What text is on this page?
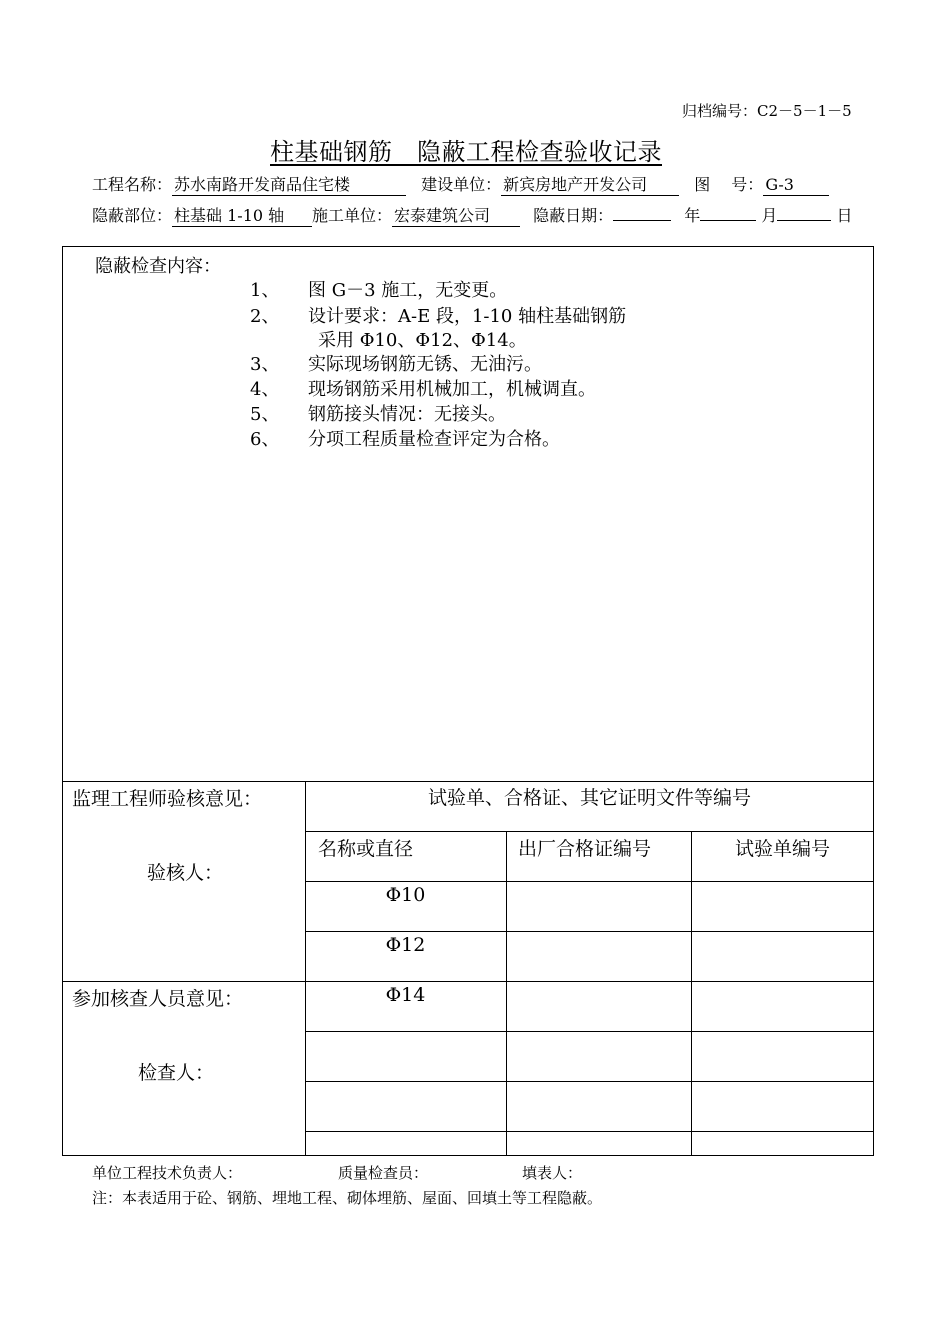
归档编号：C2－5－1－5
柱基础钢筋　隐蔽工程检查验收记录
工程名称： 苏水南路开发商品住宅楼	建设单位： 新宾房地产开发公司	图　 号： G-3
隐蔽部位： 柱基础 1-10 轴 施工单位： 宏泰建筑公司	隐蔽日期：	年	月	日
隐蔽检查内容：
1、 图 G－3 施工，无变更。
2、 设计要求：A-E 段，1-10 轴柱基础钢筋
采用 Φ10、Φ12、Φ14。
3、 实际现场钢筋无锈、无油污。
4、 现场钢筋采用机械加工，机械调直。
5、 钢筋接头情况：无接头。
6、 分项工程质量检查评定为合格。
监理工程师验核意见：
验核人：
参加核查人员意见：
检查人：
试验单、合格证、其它证明文件等编号
名称或直径	出厂合格证编号	试验单编号
Φ10
Φ12
Φ14
单位工程技术负责人：	质量检查员：	填表人：
注：本表适用于砼、钢筋、埋地工程、砌体埋筋、屋面、回填土等工程隐蔽。
